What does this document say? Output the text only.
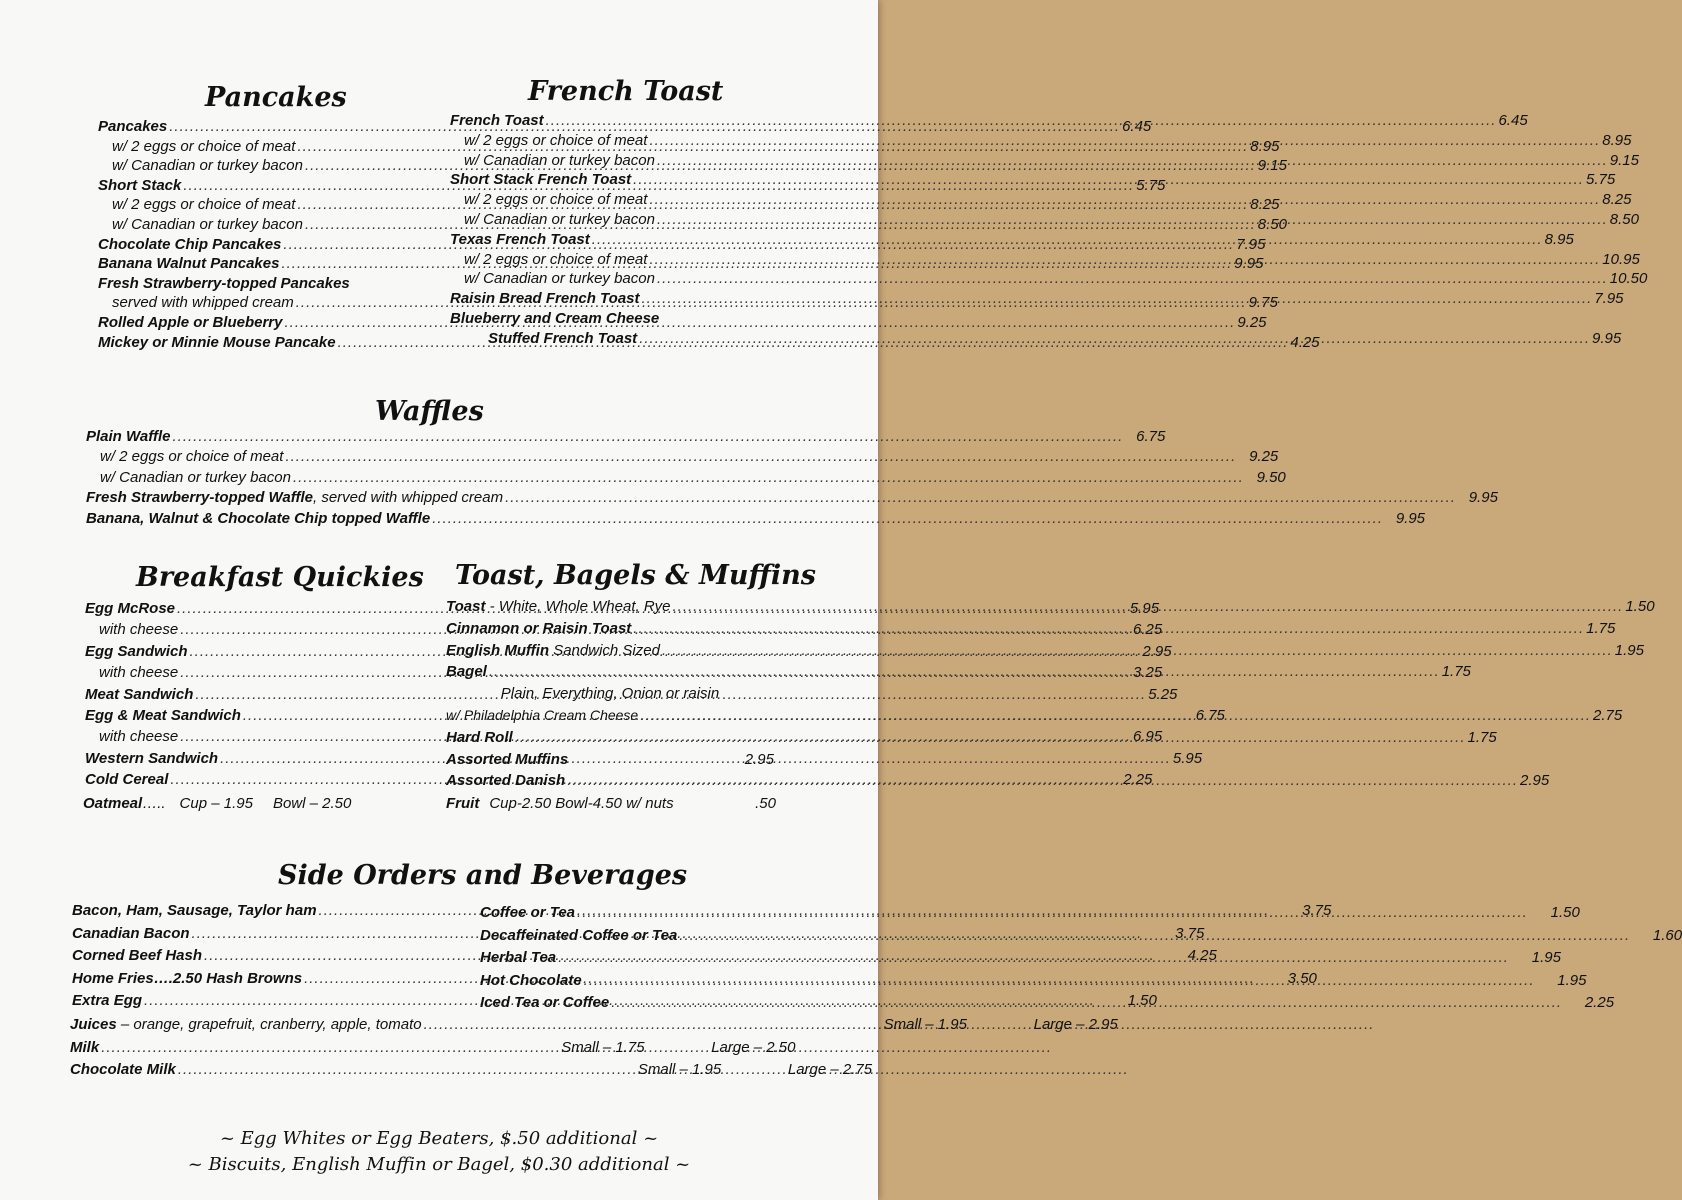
Pancakes
Pancakes .....	6.45
w/ 2 eggs or choice of meat .....	8.95
w/ Canadian or turkey bacon .....	9.15
Short Stack .....	5.75
w/ 2 eggs or choice of meat .....	8.25
w/ Canadian or turkey bacon .....	8.50
Chocolate Chip Pancakes .....	7.95
Banana Walnut Pancakes .....	9.95
Fresh Strawberry-topped Pancakes
served with whipped cream .....	9.75
Rolled Apple or Blueberry .....	9.25
Mickey or Minnie Mouse Pancake .....	4.25
French Toast
French Toast .....	6.45
w/ 2 eggs or choice of meat .....	8.95
w/ Canadian or turkey bacon .....	9.15
Short Stack French Toast .....	5.75
w/ 2 eggs or choice of meat .....	8.25
w/ Canadian or turkey bacon .....	8.50
Texas French Toast .....	8.95
w/ 2 eggs or choice of meat .....	10.95
w/ Canadian or turkey bacon .....	10.50
Raisin Bread French Toast .....	7.95
Blueberry and Cream Cheese
Stuffed French Toast .....	9.95
Waffles
Plain Waffle .....	6.75
w/ 2 eggs or choice of meat .....	9.25
w/ Canadian or turkey bacon .....	9.50
Fresh Strawberry-topped Waffle, served with whipped cream .....	9.95
Banana, Walnut & Chocolate Chip topped Waffle .....	9.95
Breakfast Quickies
Egg McRose .....	5.95
with cheese .....	6.25
Egg Sandwich .....	2.95
with cheese .....	3.25
Meat Sandwich .....	5.25
Egg & Meat Sandwich .....	6.75
with cheese .....	6.95
Western Sandwich .....	5.95
Cold Cereal .....	2.25
Oatmeal….. Cup – 1.95 Bowl – 2.50
Toast, Bagels & Muffins
Toast - White, Whole Wheat, Rye .....	1.50
Cinnamon or Raisin Toast .....	1.75
English Muffin Sandwich Sized .....	1.95
Bagel .....	1.75
Plain, Everything, Onion or raisin
w/ Philadelphia Cream Cheese .....	2.75
Hard Roll .....	1.75
Assorted Muffins	2.95
Assorted Danish .....	2.95
Fruit Cup-2.50 Bowl-4.50 w/ nuts	.50
Side Orders and Beverages
Bacon, Ham, Sausage, Taylor ham .....	3.75
Canadian Bacon .....	3.75
Corned Beef Hash .....	4.25
Home Fries….2.50 Hash Browns .....	3.50
Extra Egg .....	1.50
Coffee or Tea .....	1.50
Decaffeinated Coffee or Tea .....	1.60
Herbal Tea .....	1.95
Hot Chocolate .....	1.95
Iced Tea or Coffee .....	2.25
Juices – orange, grapefruit, cranberry, apple, tomato .....	Small – 1.95	Large – 2.95
Milk .....	Small – 1.75	Large – 2.50
Chocolate Milk .....	Small – 1.95	Large – 2.75
~ Egg Whites or Egg Beaters, $.50 additional ~
~ Biscuits, English Muffin or Bagel, $0.30 additional ~
